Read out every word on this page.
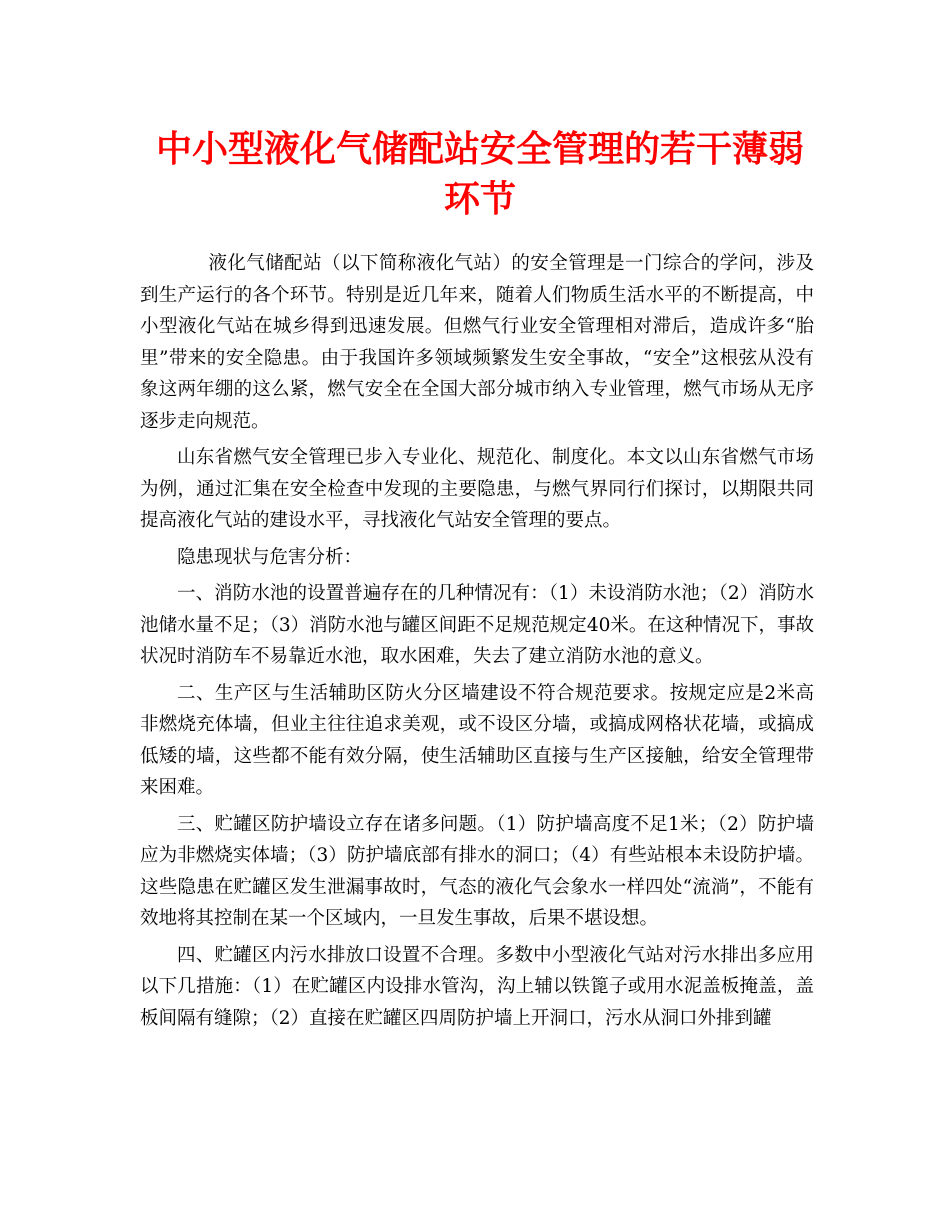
中小型液化气储配站安全管理的若干薄弱环节

液化气储配站（以下简称液化气站）的安全管理是一门综合的学问，涉及到生产运行的各个环节。特别是近几年来，随着人们物质生活水平的不断提高，中小型液化气站在城乡得到迅速发展。但燃气行业安全管理相对滞后，造成许多“胎里”带来的安全隐患。由于我国许多领域频繁发生安全事故，“安全”这根弦从没有象这两年绷的这么紧，燃气安全在全国大部分城市纳入专业管理，燃气市场从无序逐步走向规范。

山东省燃气安全管理已步入专业化、规范化、制度化。本文以山东省燃气市场为例，通过汇集在安全检查中发现的主要隐患，与燃气界同行们探讨，以期限共同提高液化气站的建设水平，寻找液化气站安全管理的要点。

隐患现状与危害分析：

一、消防水池的设置普遍存在的几种情况有：（1）未设消防水池；（2）消防水池储水量不足；（3）消防水池与罐区间距不足规范规定40米。在这种情况下，事故状况时消防车不易靠近水池，取水困难，失去了建立消防水池的意义。

二、生产区与生活辅助区防火分区墙建设不符合规范要求。按规定应是2米高非燃烧充体墙，但业主往往追求美观，或不设区分墙，或搞成网格状花墙，或搞成低矮的墙，这些都不能有效分隔，使生活辅助区直接与生产区接触，给安全管理带来困难。

三、贮罐区防护墙设立存在诸多问题。（1）防护墙高度不足1米；（2）防护墙应为非燃烧实体墙；（3）防护墙底部有排水的洞口；（4）有些站根本未设防护墙。这些隐患在贮罐区发生泄漏事故时，气态的液化气会象水一样四处“流淌”，不能有效地将其控制在某一个区域内，一旦发生事故，后果不堪设想。

四、贮罐区内污水排放口设置不合理。多数中小型液化气站对污水排出多应用以下几措施：（1）在贮罐区内设排水管沟，沟上辅以铁篦子或用水泥盖板掩盖，盖板间隔有缝隙；（2）直接在贮罐区四周防护墙上开洞口，污水从洞口外排到罐
